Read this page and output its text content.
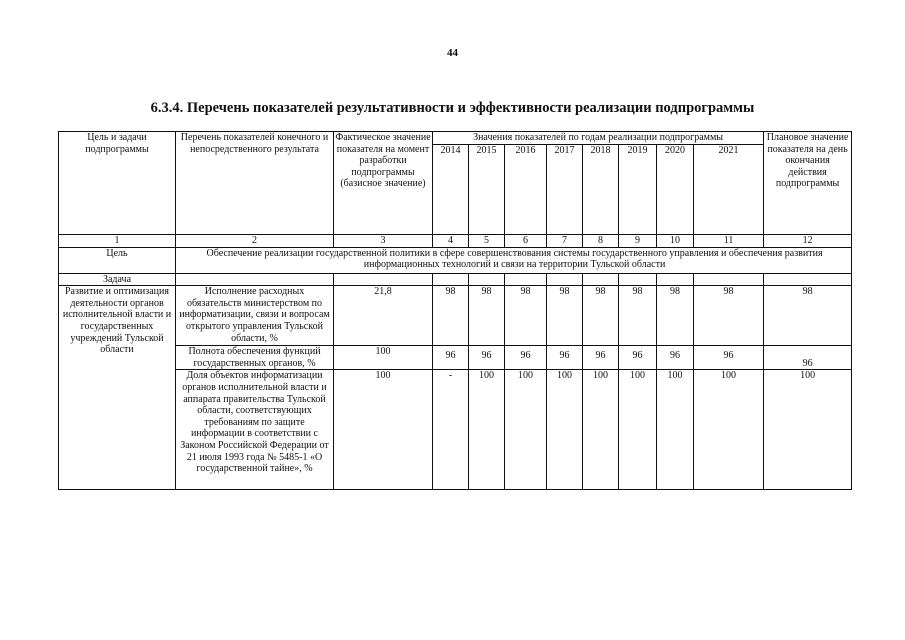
44
6.3.4. Перечень показателей результативности и эффективности реализации подпрограммы
Цель и задачи подпрограммы	Перечень показателей конечного и непосредственного результата	Фактическое значение показателя на момент разработки подпрограммы (базисное значение)	Значения показателей по годам реализации подпрограммы								Плановое значение показателя на день окончания действия подпрограммы
			2014	2015	2016	2017	2018	2019	2020	2021	
1	2	3	4	5	6	7	8	9	10	11	12
Цель	Обеспечение реализации государственной политики в сфере совершенствования системы государственного управления и обеспечения развития информационных технологий и связи на территории Тульской области										
Задача											
Развитие и оптимизация деятельности органов исполнительной власти и государственных учреждений Тульской области	Исполнение расходных обязательств министерством по информатизации, связи и вопросам открытого управления Тульской области, %	21,8	98	98	98	98	98	98	98	98	98
	Полнота обеспечения функций государственных органов, %	100	96	96	96	96	96	96	96	96	96
	Доля объектов информатизации органов исполнительной власти и аппарата правительства Тульской области, соответствующих требованиям по защите информации в соответствии с Законом Российской Федерации от 21 июля 1993 года № 5485-1 «О государственной тайне», %	100	-	100	100	100	100	100	100	100	100
